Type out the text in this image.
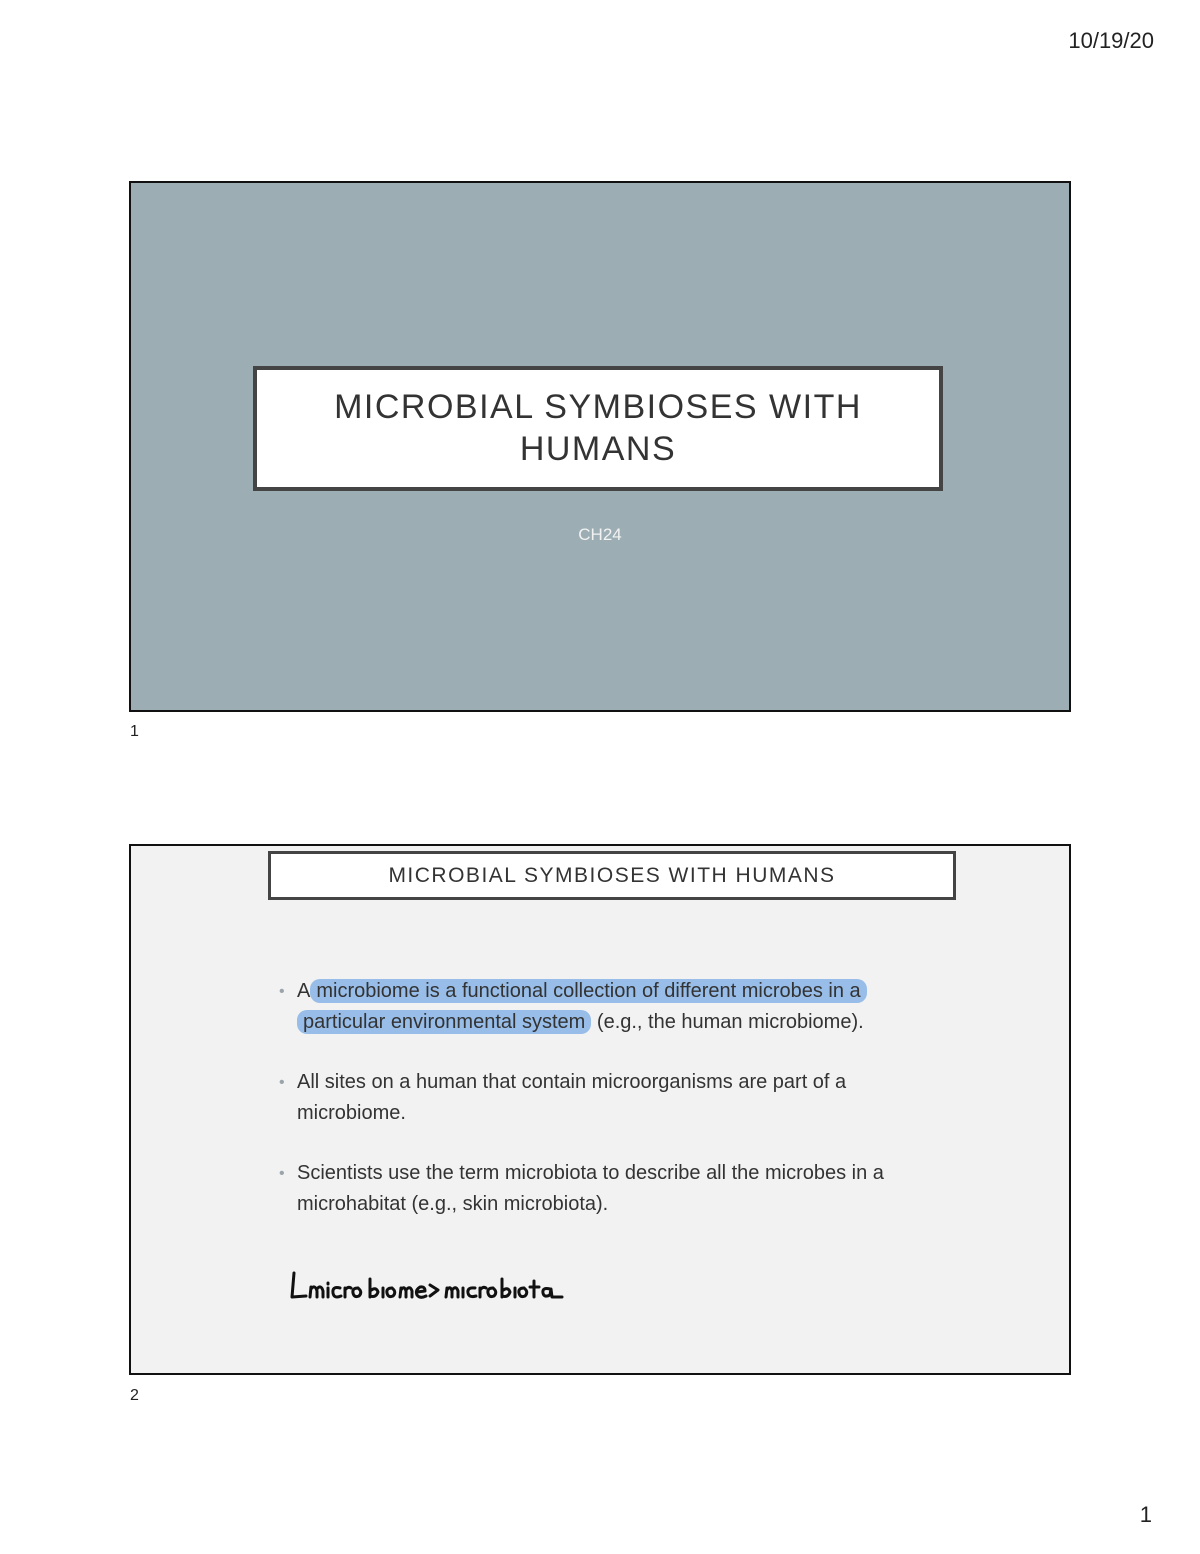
10/19/20
MICROBIAL SYMBIOSES WITH HUMANS
CH24
1
MICROBIAL SYMBIOSES WITH HUMANS
• A microbiome is a functional collection of different microbes in a particular environmental system (e.g., the human microbiome).
• All sites on a human that contain microorganisms are part of a microbiome.
• Scientists use the term microbiota to describe all the microbes in a microhabitat (e.g., skin microbiota).
2
1
